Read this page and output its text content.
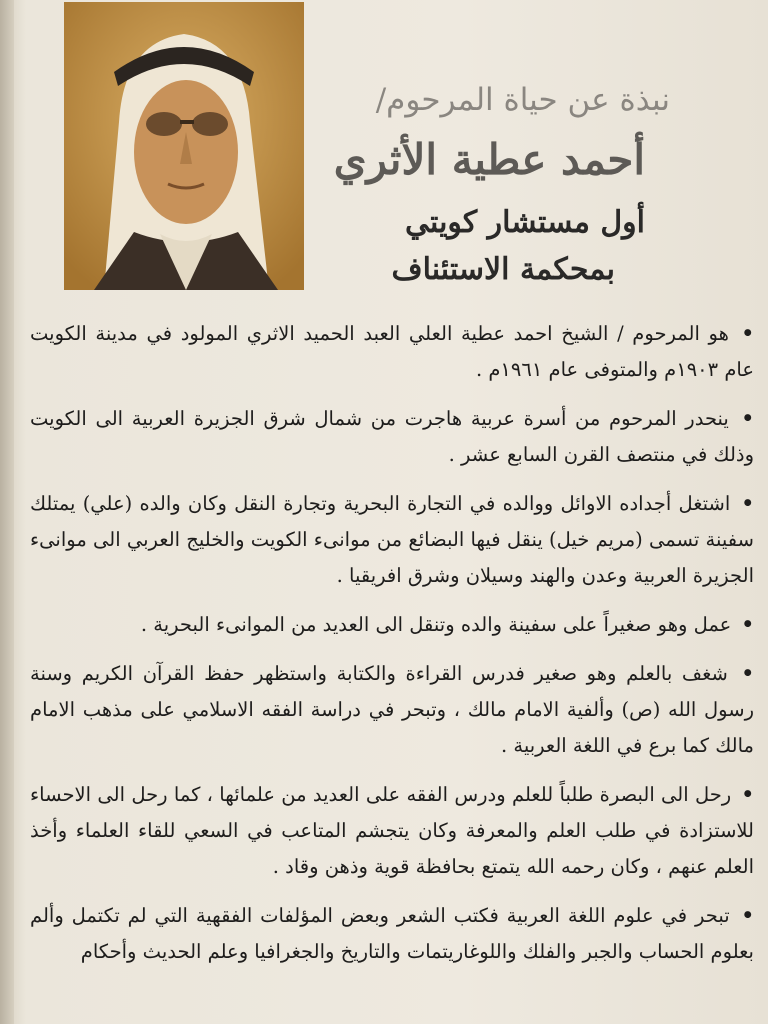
نبذة عن حياة المرحوم/
أحمد عطية الأثري
أول مستشار كويتي
بمحكمة الاستئناف

• هو المرحوم / الشيخ احمد عطية العلي العبد الحميد الاثري المولود في مدينة الكويت عام ١٩٠٣م والمتوفى عام ١٩٦١م .

• ينحدر المرحوم من أسرة عربية هاجرت من شمال شرق الجزيرة العربية الى الكويت وذلك في منتصف القرن السابع عشر .

• اشتغل أجداده الاوائل ووالده في التجارة البحرية وتجارة النقل وكان والده (علي) يمتلك سفينة تسمى (مريم خيل) ينقل فيها البضائع من موانىء الكويت والخليج العربي الى موانىء الجزيرة العربية وعدن والهند وسيلان وشرق افريقيا .

• عمل وهو صغيراً على سفينة والده وتنقل الى العديد من الموانىء البحرية .

• شغف بالعلم وهو صغير فدرس القراءة والكتابة واستظهر حفظ القرآن الكريم وسنة رسول الله (ص) وألفية الامام مالك ، وتبحر في دراسة الفقه الاسلامي على مذهب الامام مالك كما برع في اللغة العربية .

• رحل الى البصرة طلباً للعلم ودرس الفقه على العديد من علمائها ، كما رحل الى الاحساء للاستزادة في طلب العلم والمعرفة وكان يتجشم المتاعب في السعي للقاء العلماء وأخذ العلم عنهم ، وكان رحمه الله يتمتع بحافظة قوية وذهن وقاد .

• تبحر في علوم اللغة العربية فكتب الشعر وبعض المؤلفات الفقهية التي لم تكتمل وألم بعلوم الحساب والجبر والفلك واللوغاريتمات والتاريخ والجغرافيا وعلم الحديث وأحكام
